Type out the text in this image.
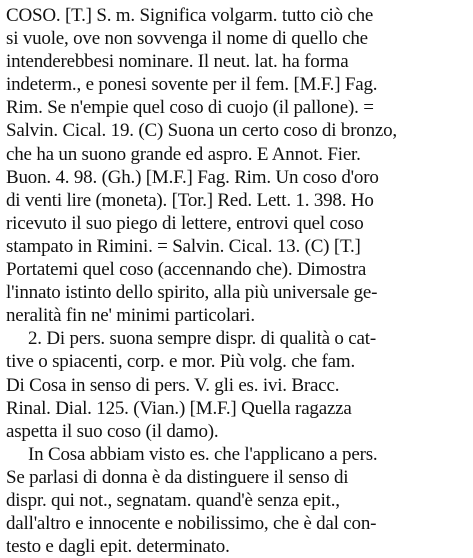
COSO. [T.] S. m. Significa volgarm. tutto ciò che
si vuole, ove non sovvenga il nome di quello che
intenderebbesi nominare. Il neut. lat. ha forma
indeterm., e ponesi sovente per il fem. [M.F.] Fag.
Rim. Se n'empie quel coso di cuojo (il pallone). =
Salvin. Cical. 19. (C) Suona un certo coso di bronzo,
che ha un suono grande ed aspro. E Annot. Fier.
Buon. 4. 98. (Gh.) [M.F.] Fag. Rim. Un coso d'oro
di venti lire (moneta). [Tor.] Red. Lett. 1. 398. Ho
ricevuto il suo piego di lettere, entrovi quel coso
stampato in Rimini. = Salvin. Cical. 13. (C) [T.]
Portatemi quel coso (accennando che). Dimostra
l'innato istinto dello spirito, alla più universale ge-
neralità fin ne' minimi particolari.
2. Di pers. suona sempre dispr. di qualità o cat-
tive o spiacenti, corp. e mor. Più volg. che fam.
Di Cosa in senso di pers. V. gli es. ivi. Bracc.
Rinal. Dial. 125. (Vian.) [M.F.] Quella ragazza
aspetta il suo coso (il damo).
In Cosa abbiam visto es. che l'applicano a pers.
Se parlasi di donna è da distinguere il senso di
dispr. qui not., segnatam. quand'è senza epit.,
dall'altro e innocente e nobilissimo, che è dal con-
testo e dagli epit. determinato.
